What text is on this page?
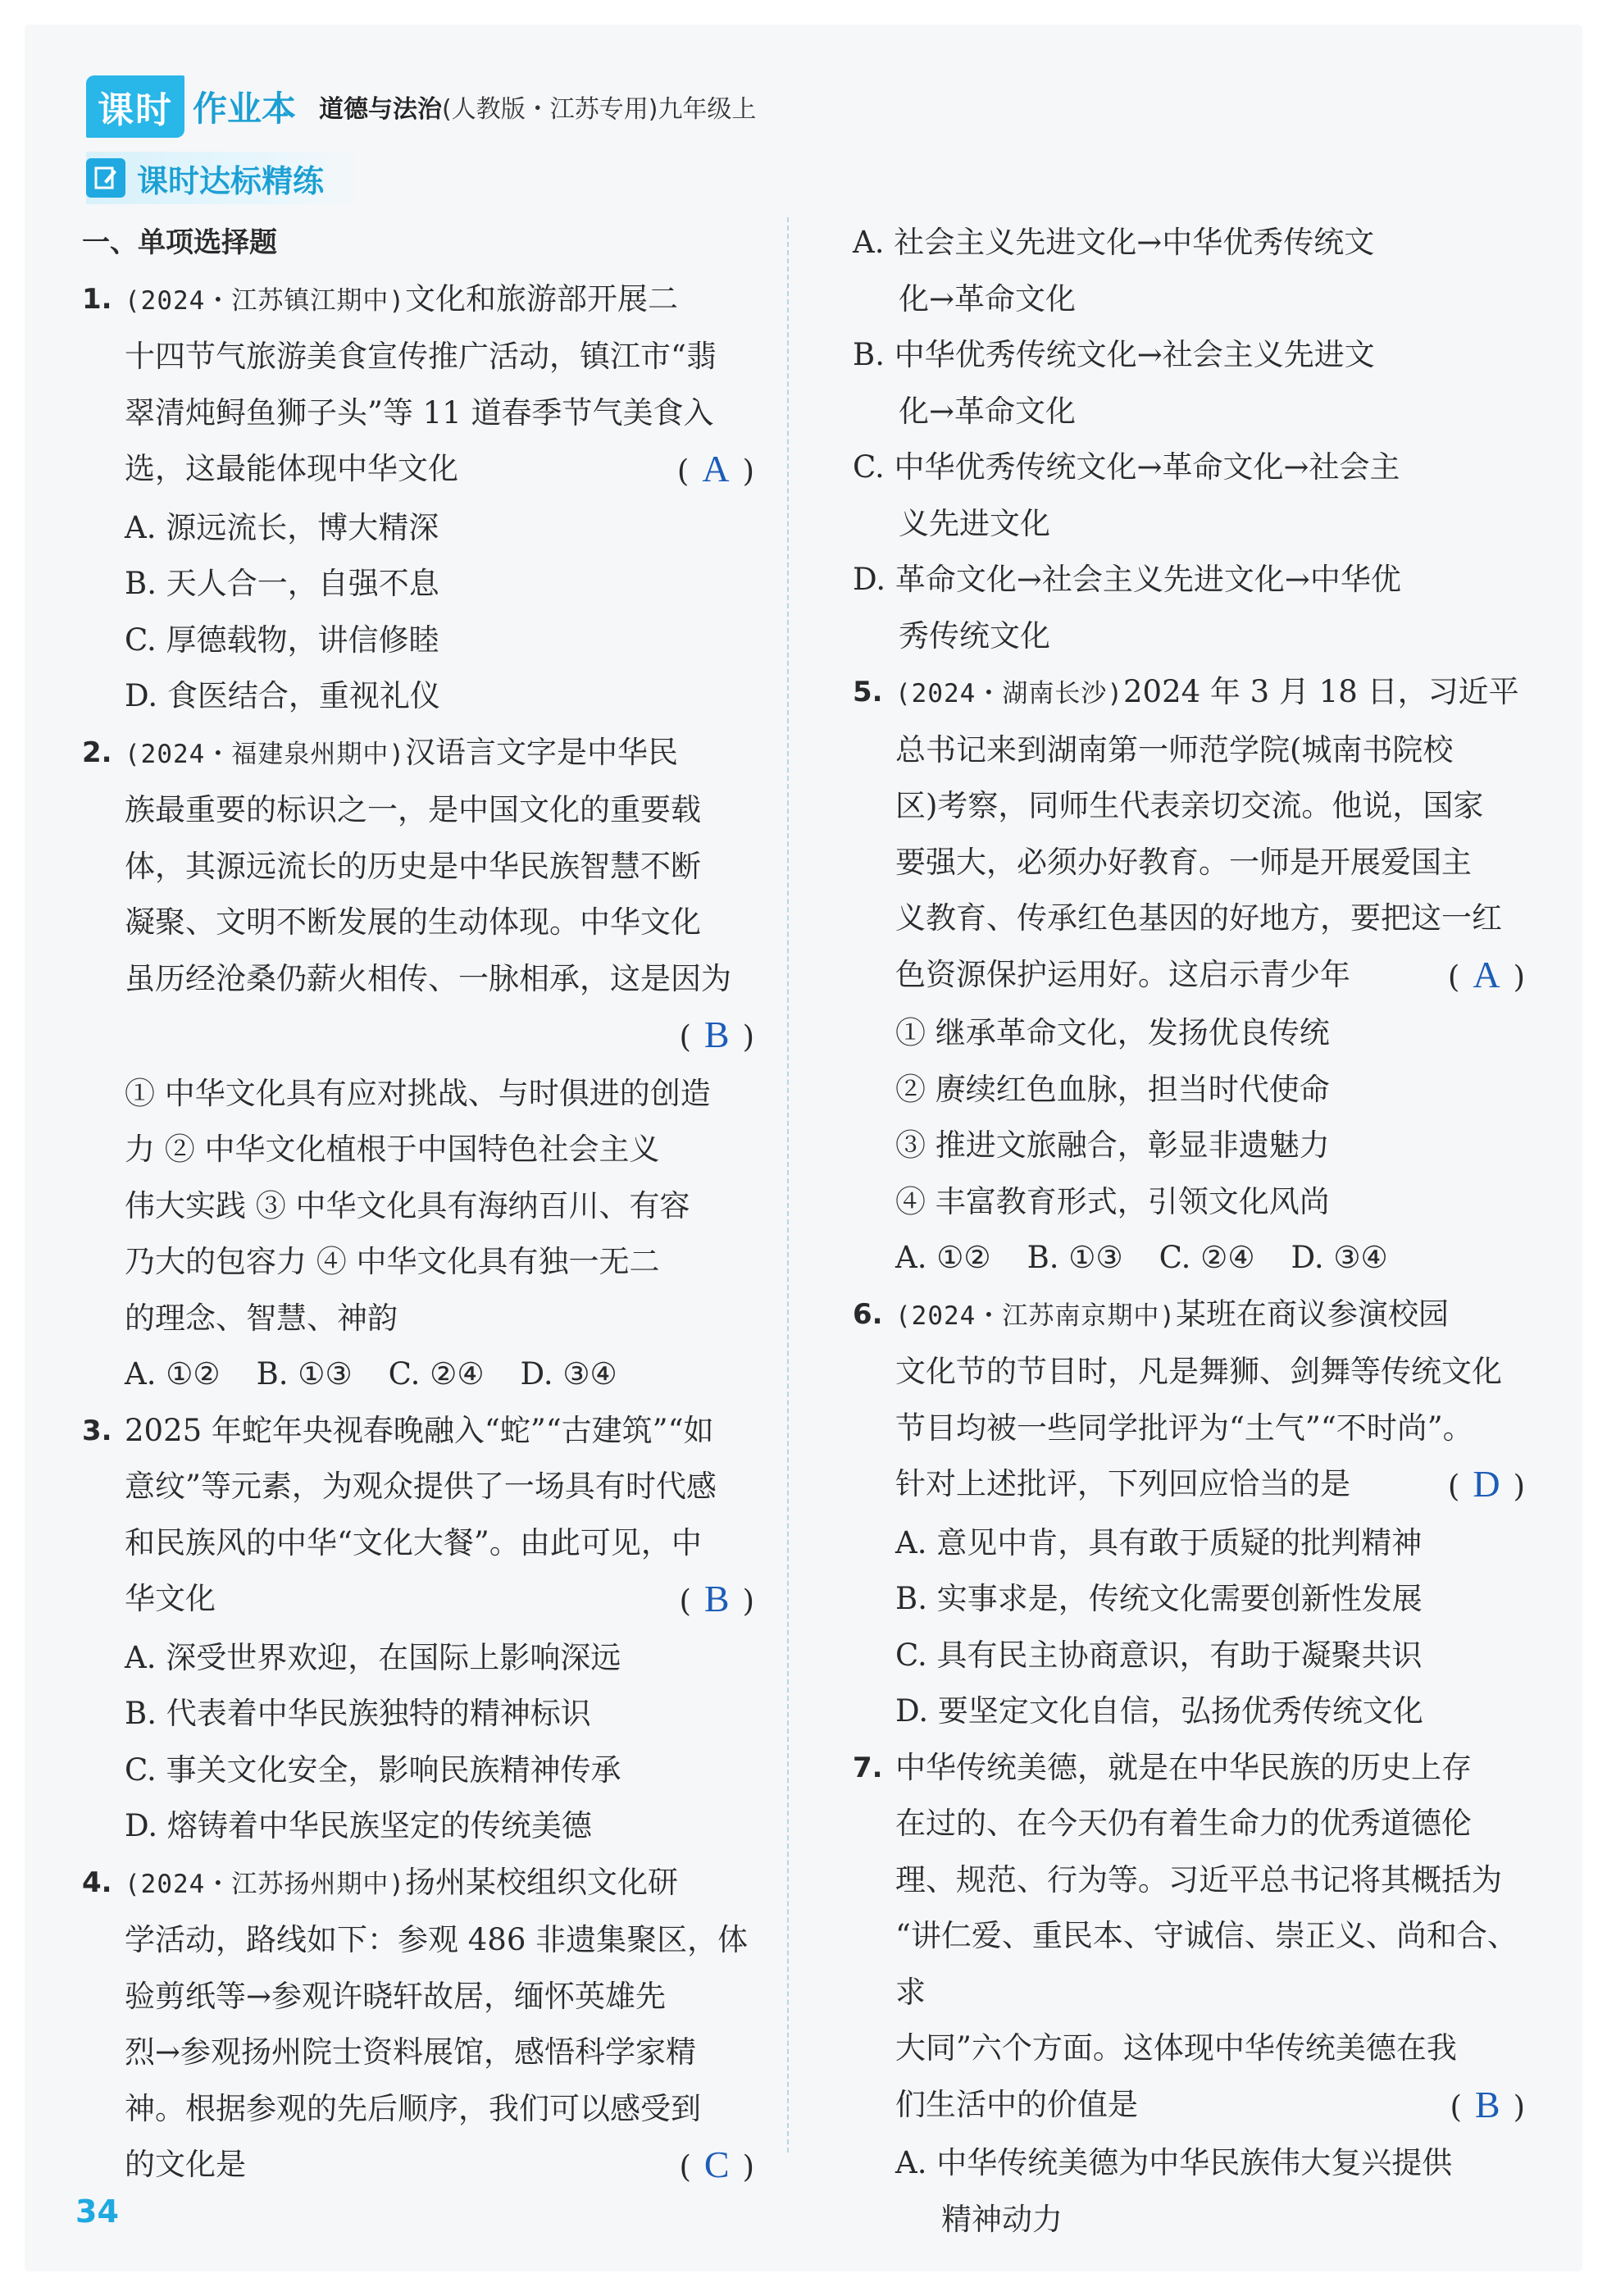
课时 作业本 道德与法治 (人教版・江苏专用) 九年级上
课时达标精练
一、单项选择题
1. (2024・江苏镇江期中)文化和旅游部开展二

十四节气旅游美食宣传推广活动，镇江市“翡

翠清炖鲟鱼狮子头”等 11 道春季节气美食入

选，这最能体现中华文化	( A )

A. 源远流长，博大精深

B. 天人合一，自强不息

C. 厚德载物，讲信修睦

D. 食医结合，重视礼仪

2. (2024・福建泉州期中)汉语言文字是中华民

族最重要的标识之一，是中国文化的重要载

体，其源远流长的历史是中华民族智慧不断

凝聚、文明不断发展的生动体现。中华文化

虽历经沧桑仍薪火相传、一脉相承，这是因为

( B )

① 中华文化具有应对挑战、与时俱进的创造

力 ② 中华文化植根于中国特色社会主义

伟大实践 ③ 中华文化具有海纳百川、有容

乃大的包容力 ④ 中华文化具有独一无二

的理念、智慧、神韵

A. ①② B. ①③ C. ②④ D. ③④

3. 2025 年蛇年央视春晚融入“蛇”“古建筑”“如

意纹”等元素，为观众提供了一场具有时代感

和民族风的中华“文化大餐”。由此可见，中

华文化	( B )

A. 深受世界欢迎，在国际上影响深远

B. 代表着中华民族独特的精神标识

C. 事关文化安全，影响民族精神传承

D. 熔铸着中华民族坚定的传统美德

4. (2024・江苏扬州期中)扬州某校组织文化研

学活动，路线如下：参观 486 非遗集聚区，体

验剪纸等→参观许晓轩故居，缅怀英雄先

烈→参观扬州院士资料展馆，感悟科学家精

神。根据参观的先后顺序，我们可以感受到

的文化是	( C )

A. 社会主义先进文化→中华优秀传统文
化→革命文化

B. 中华优秀传统文化→社会主义先进文
化→革命文化

C. 中华优秀传统文化→革命文化→社会主
义先进文化

D. 革命文化→社会主义先进文化→中华优
秀传统文化

5. (2024・湖南长沙)2024 年 3 月 18 日，习近平

总书记来到湖南第一师范学院(城南书院校

区)考察，同师生代表亲切交流。他说，国家

要强大，必须办好教育。一师是开展爱国主

义教育、传承红色基因的好地方，要把这一红

色资源保护运用好。这启示青少年	( A )

① 继承革命文化，发扬优良传统

② 赓续红色血脉，担当时代使命

③ 推进文旅融合，彰显非遗魅力

④ 丰富教育形式，引领文化风尚

A. ①② B. ①③ C. ②④ D. ③④

6. (2024・江苏南京期中)某班在商议参演校园

文化节的节目时，凡是舞狮、剑舞等传统文化

节目均被一些同学批评为“土气”“不时尚”。

针对上述批评，下列回应恰当的是	( D )

A. 意见中肯，具有敢于质疑的批判精神

B. 实事求是，传统文化需要创新性发展

C. 具有民主协商意识，有助于凝聚共识

D. 要坚定文化自信，弘扬优秀传统文化

7. 中华传统美德，就是在中华民族的历史上存

在过的、在今天仍有着生命力的优秀道德伦

理、规范、行为等。习近平总书记将其概括为

“讲仁爱、重民本、守诚信、崇正义、尚和合、求

大同”六个方面。这体现中华传统美德在我

们生活中的价值是	( B )

A. 中华传统美德为中华民族伟大复兴提供
精神动力

34
